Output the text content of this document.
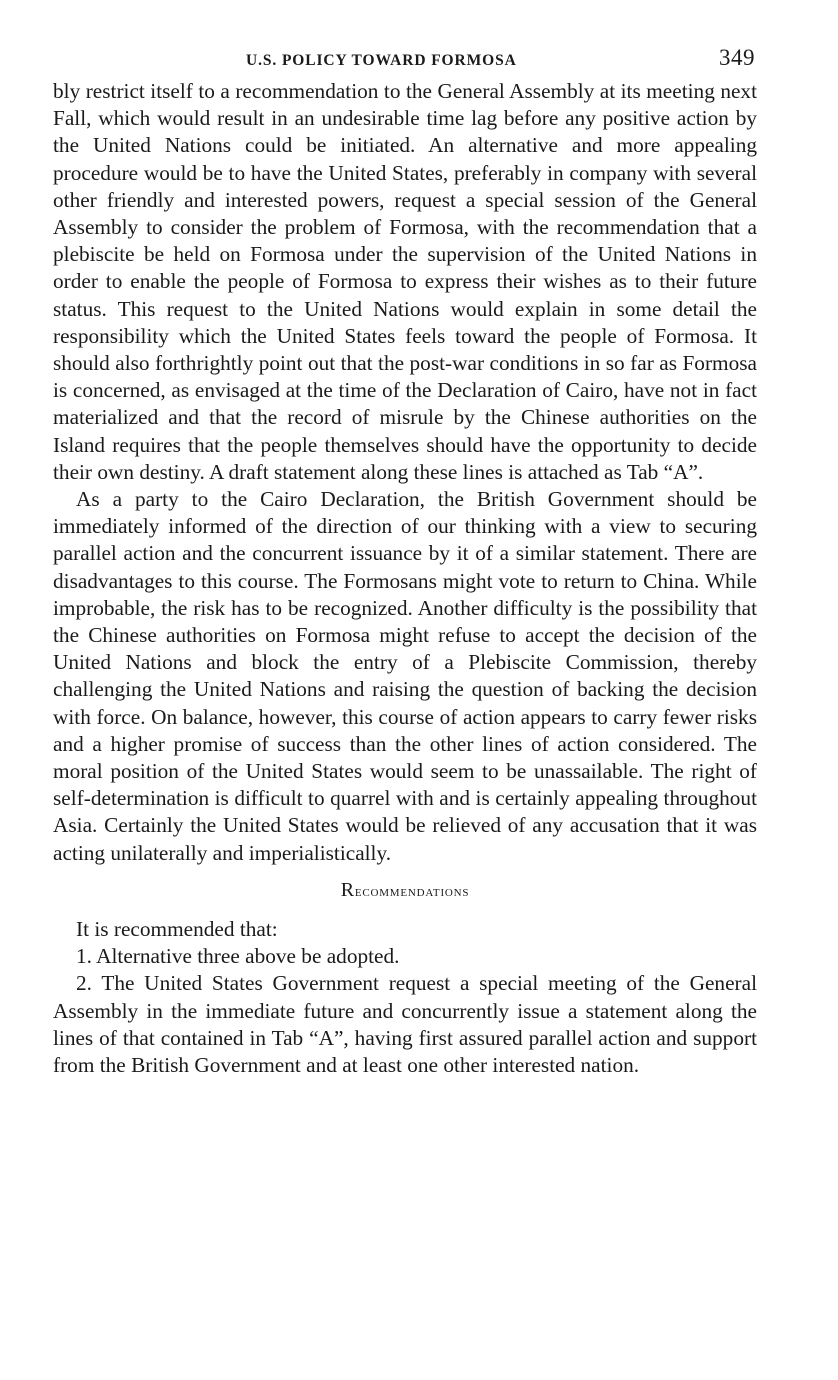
U.S. POLICY TOWARD FORMOSA	349

bly restrict itself to a recommendation to the General Assembly at its meeting next Fall, which would result in an undesirable time lag before any positive action by the United Nations could be initiated. An alternative and more appealing procedure would be to have the United States, preferably in company with several other friendly and interested powers, request a special session of the General Assembly to consider the problem of Formosa, with the recommendation that a plebiscite be held on Formosa under the supervision of the United Nations in order to enable the people of Formosa to express their wishes as to their future status. This request to the United Nations would explain in some detail the responsibility which the United States feels toward the people of Formosa. It should also forthrightly point out that the post-war conditions in so far as Formosa is concerned, as envisaged at the time of the Declaration of Cairo, have not in fact materialized and that the record of misrule by the Chinese authorities on the Island requires that the people themselves should have the opportunity to decide their own destiny. A draft statement along these lines is attached as Tab “A”.

As a party to the Cairo Declaration, the British Government should be immediately informed of the direction of our thinking with a view to securing parallel action and the concurrent issuance by it of a similar statement. There are disadvantages to this course. The Formosans might vote to return to China. While improbable, the risk has to be recognized. Another difficulty is the possibility that the Chinese authorities on Formosa might refuse to accept the decision of the United Nations and block the entry of a Plebiscite Commission, thereby challenging the United Nations and raising the question of backing the decision with force. On balance, however, this course of action appears to carry fewer risks and a higher promise of success than the other lines of action considered. The moral position of the United States would seem to be unassailable. The right of self-determination is difficult to quarrel with and is certainly appealing throughout Asia. Certainly the United States would be relieved of any accusation that it was acting unilaterally and imperialistically.

Recommendations

It is recommended that:

1. Alternative three above be adopted.

2. The United States Government request a special meeting of the General Assembly in the immediate future and concurrently issue a statement along the lines of that contained in Tab “A”, having first assured parallel action and support from the British Government and at least one other interested nation.
